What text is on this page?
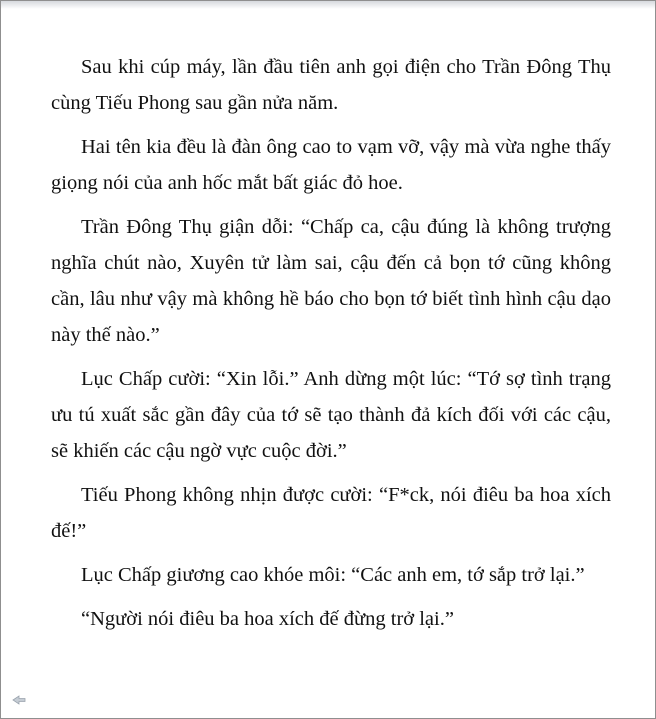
Sau khi cúp máy, lần đầu tiên anh gọi điện cho Trần Đông Thụ cùng Tiếu Phong sau gần nửa năm.

Hai tên kia đều là đàn ông cao to vạm vỡ, vậy mà vừa nghe thấy giọng nói của anh hốc mắt bất giác đỏ hoe.

Trần Đông Thụ giận dỗi: “Chấp ca, cậu đúng là không trượng nghĩa chút nào, Xuyên tử làm sai, cậu đến cả bọn tớ cũng không cần, lâu như vậy mà không hề báo cho bọn tớ biết tình hình cậu dạo này thế nào.”

Lục Chấp cười: “Xin lỗi.” Anh dừng một lúc: “Tớ sợ tình trạng ưu tú xuất sắc gần đây của tớ sẽ tạo thành đả kích đối với các cậu, sẽ khiến các cậu ngờ vực cuộc đời.”

Tiếu Phong không nhịn được cười: “F*ck, nói điêu ba hoa xích đế!”

Lục Chấp giương cao khóe môi: “Các anh em, tớ sắp trở lại.”

“Người nói điêu ba hoa xích đế đừng trở lại.”
